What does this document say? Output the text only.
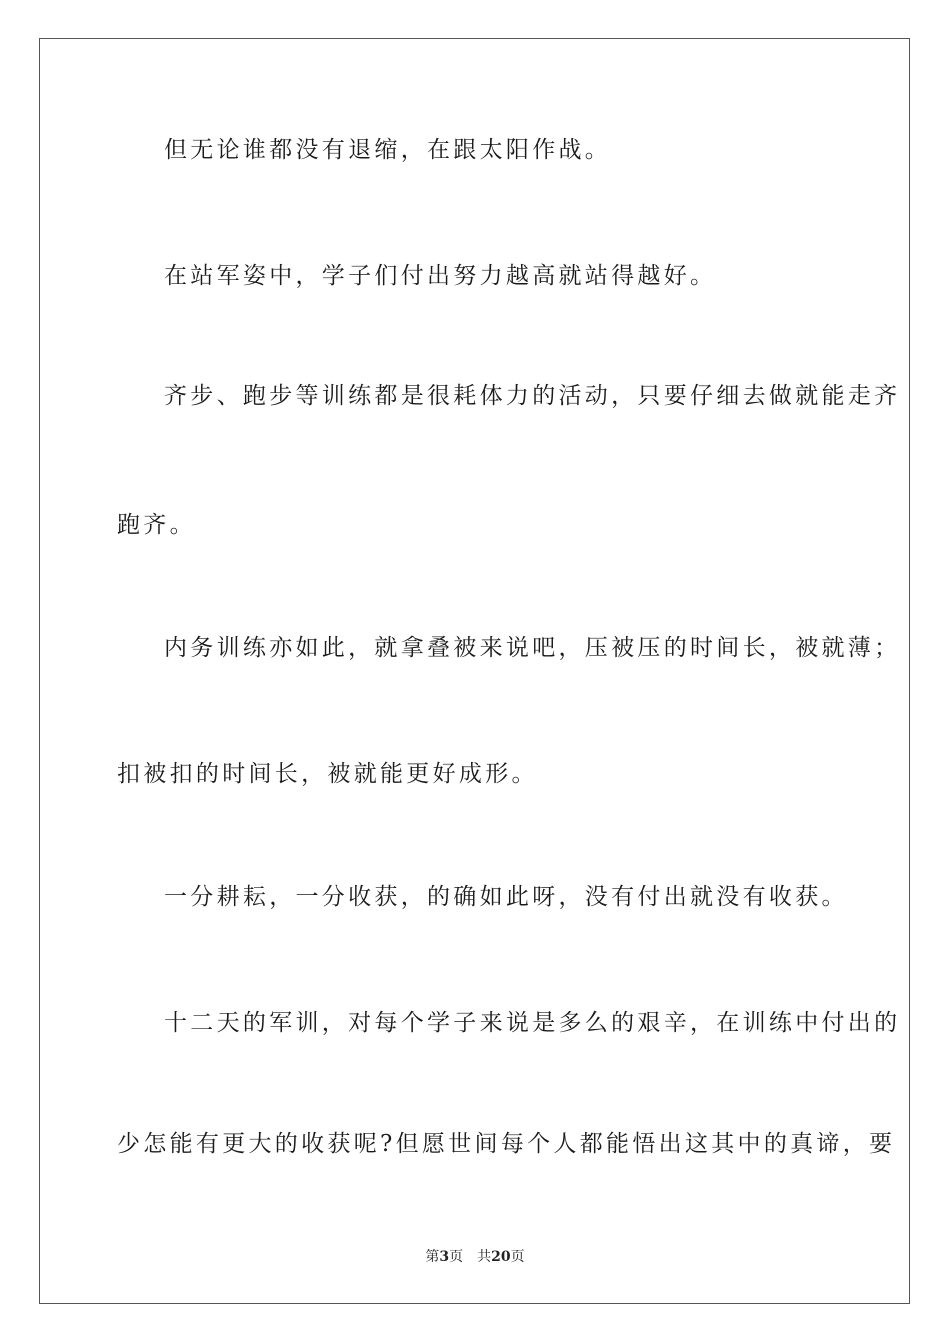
但无论谁都没有退缩，在跟太阳作战。
在站军姿中，学子们付出努力越高就站得越好。
齐步、跑步等训练都是很耗体力的活动，只要仔细去做就能走齐
跑齐。
内务训练亦如此，就拿叠被来说吧，压被压的时间长，被就薄；
扣被扣的时间长，被就能更好成形。
一分耕耘，一分收获，的确如此呀，没有付出就没有收获。
十二天的军训，对每个学子来说是多么的艰辛，在训练中付出的
少怎能有更大的收获呢?但愿世间每个人都能悟出这其中的真谛，要
第3页 共20页
